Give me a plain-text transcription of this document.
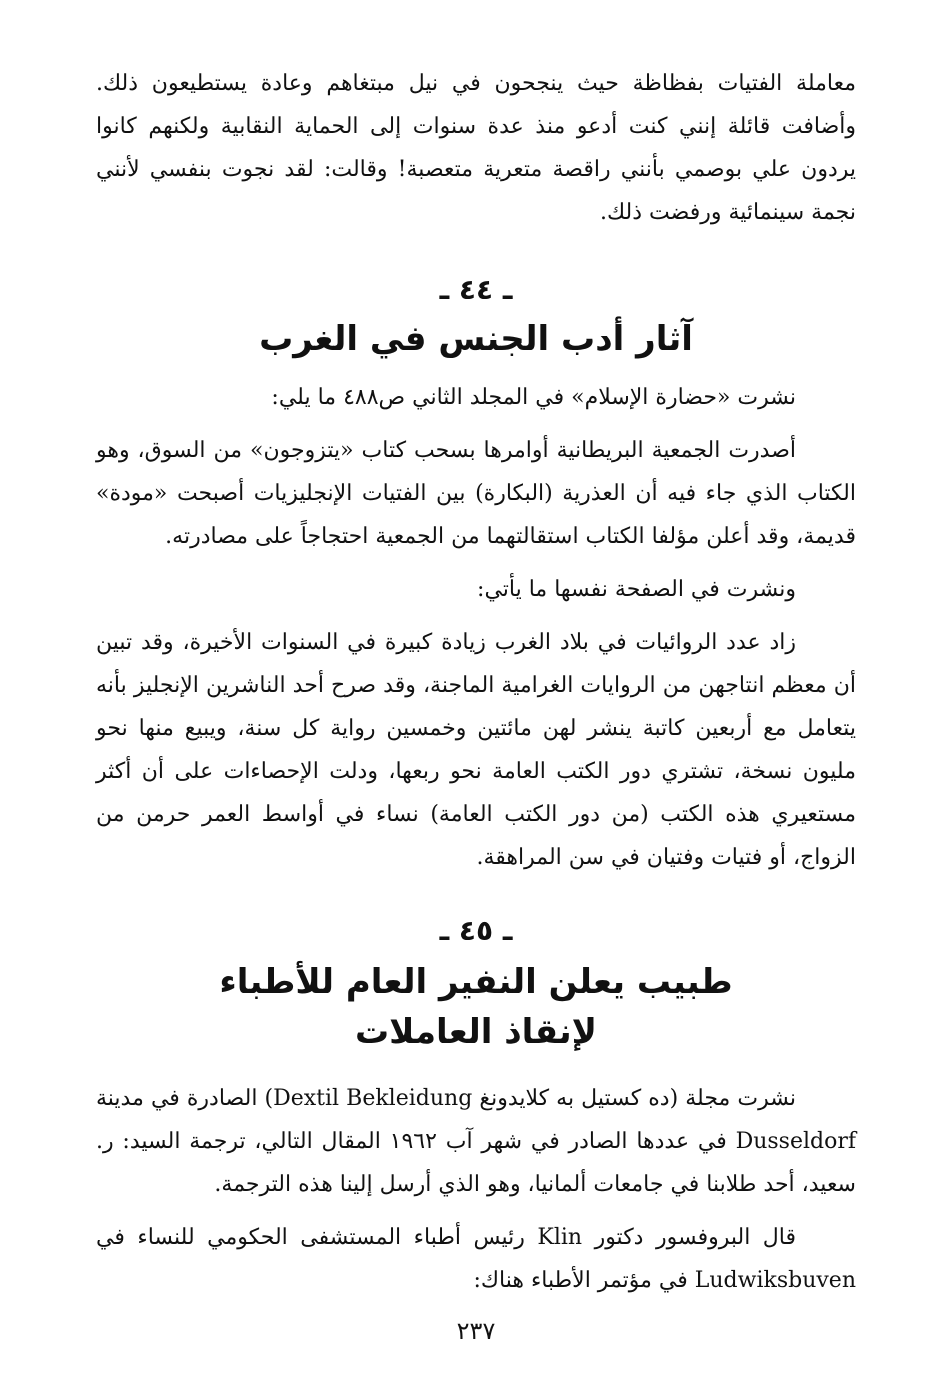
معاملة الفتيات بفظاظة حيث ينجحون في نيل مبتغاهم وعادة يستطيعون ذلك. وأضافت قائلة إنني كنت أدعو منذ عدة سنوات إلى الحماية النقابية ولكنهم كانوا يردون علي بوصمي بأنني راقصة متعرية متعصبة! وقالت: لقد نجوت بنفسي لأنني نجمة سينمائية ورفضت ذلك.

ـ ٤٤ ـ

آثار أدب الجنس في الغرب

نشرت «حضارة الإسلام» في المجلد الثاني ص٤٨٨ ما يلي:

أصدرت الجمعية البريطانية أوامرها بسحب كتاب «يتزوجون» من السوق، وهو الكتاب الذي جاء فيه أن العذرية (البكارة) بين الفتيات الإنجليزيات أصبحت «مودة» قديمة، وقد أعلن مؤلفا الكتاب استقالتهما من الجمعية احتجاجاً على مصادرته.

ونشرت في الصفحة نفسها ما يأتي:

زاد عدد الروائيات في بلاد الغرب زيادة كبيرة في السنوات الأخيرة، وقد تبين أن معظم انتاجهن من الروايات الغرامية الماجنة، وقد صرح أحد الناشرين الإنجليز بأنه يتعامل مع أربعين كاتبة ينشر لهن مائتين وخمسين رواية كل سنة، ويبيع منها نحو مليون نسخة، تشتري دور الكتب العامة نحو ربعها، ودلت الإحصاءات على أن أكثر مستعيري هذه الكتب (من دور الكتب العامة) نساء في أواسط العمر حرمن من الزواج، أو فتيات وفتيان في سن المراهقة.

ـ ٤٥ ـ

طبيب يعلن النفير العام للأطباء
لإنقاذ العاملات

نشرت مجلة (ده كستيل به كلايدونغ Dextil Bekleidung) الصادرة في مدينة Dusseldorf في عددها الصادر في شهر آب ١٩٦٢ المقال التالي، ترجمة السيد: ر. سعيد، أحد طلابنا في جامعات ألمانيا، وهو الذي أرسل إلينا هذه الترجمة.

قال البروفسور دكتور Klin رئيس أطباء المستشفى الحكومي للنساء في Ludwiksbuven في مؤتمر الأطباء هناك:

٢٣٧
